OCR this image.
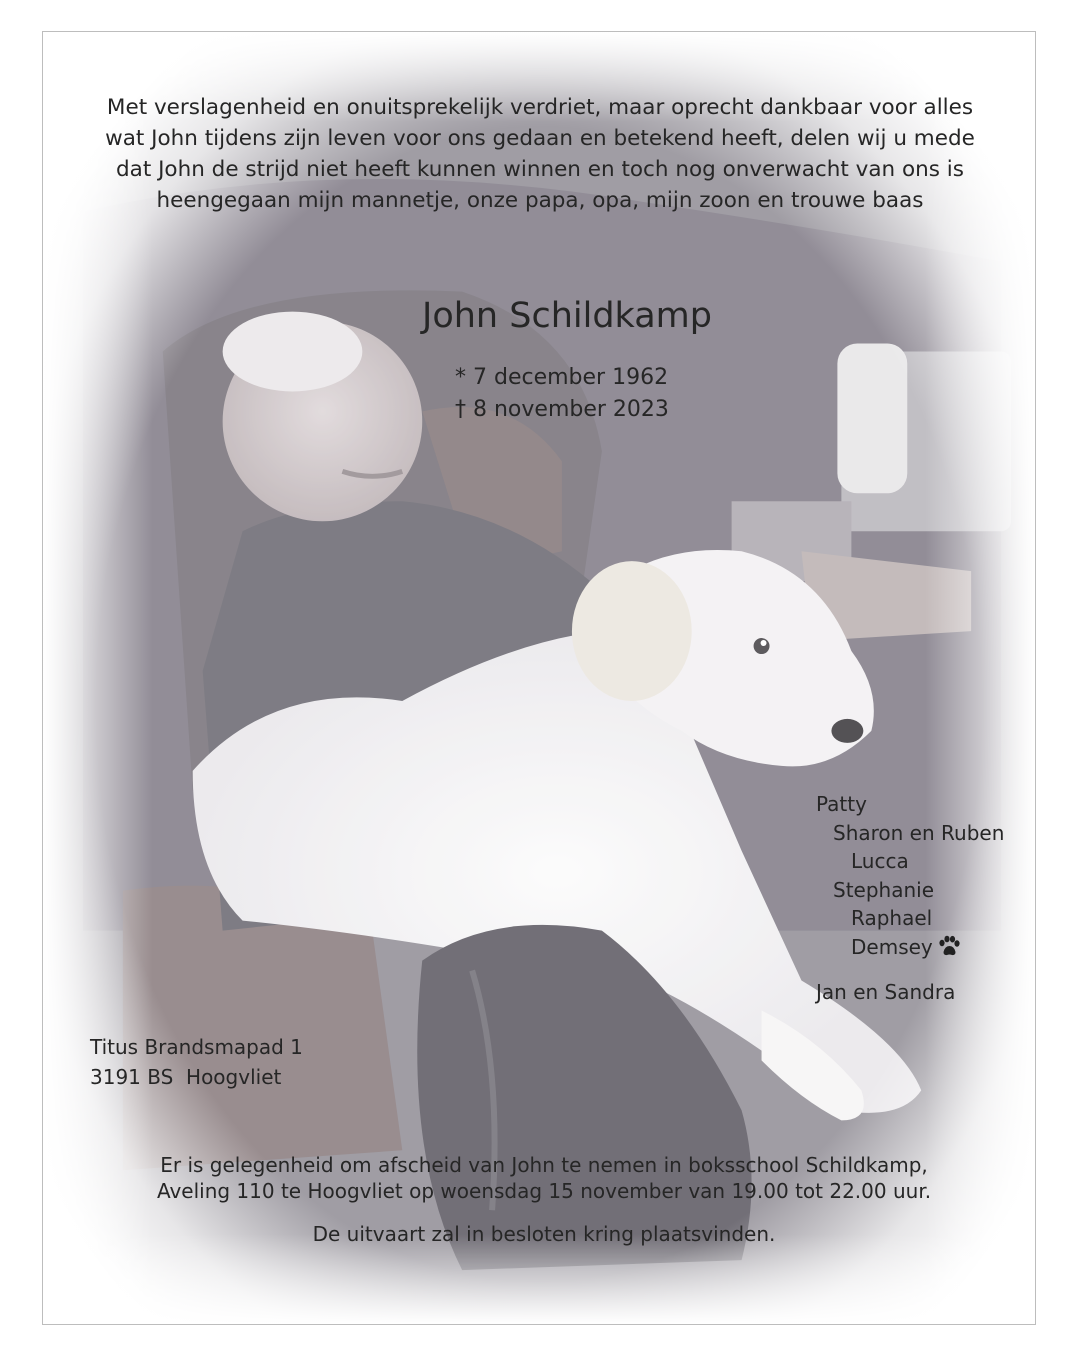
Met verslagenheid en onuitsprekelijk verdriet, maar oprecht dankbaar voor alles
wat John tijdens zijn leven voor ons gedaan en betekend heeft, delen wij u mede
dat John de strijd niet heeft kunnen winnen en toch nog onverwacht van ons is
heengegaan mijn mannetje, onze papa, opa, mijn zoon en trouwe baas
John Schildkamp
* 7 december 1962
† 8 november 2023
Patty
Sharon en Ruben
Lucca
Stephanie
Raphael
Demsey
Jan en Sandra
Titus Brandsmapad 1
3191 BS  Hoogvliet
Er is gelegenheid om afscheid van John te nemen in boksschool Schildkamp,
Aveling 110 te Hoogvliet op woensdag 15 november van 19.00 tot 22.00 uur.
De uitvaart zal in besloten kring plaatsvinden.
